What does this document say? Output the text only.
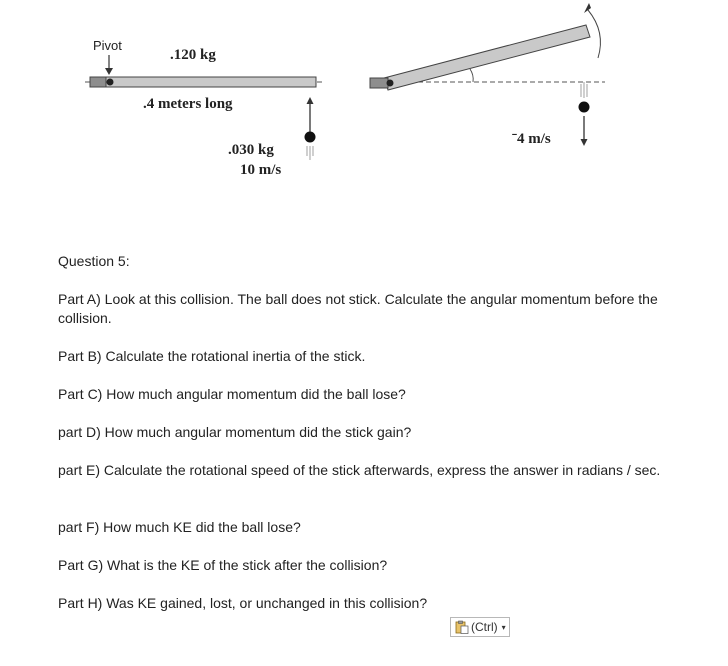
Pivot
.120 kg
.4 meters long
.030 kg
10 m/s
ˉ4 m/s

Question 5:

Part A) Look at this collision. The ball does not stick. Calculate the angular momentum before the collision.

Part B) Calculate the rotational inertia of the stick.

Part C) How much angular momentum did the ball lose?

part D) How much angular momentum did the stick gain?

part E) Calculate the rotational speed of the stick afterwards, express the answer in radians / sec.

part F) How much KE did the ball lose?

Part G) What is the KE of the stick after the collision?

Part H) Was KE gained, lost, or unchanged in this collision?

(Ctrl) ▾
